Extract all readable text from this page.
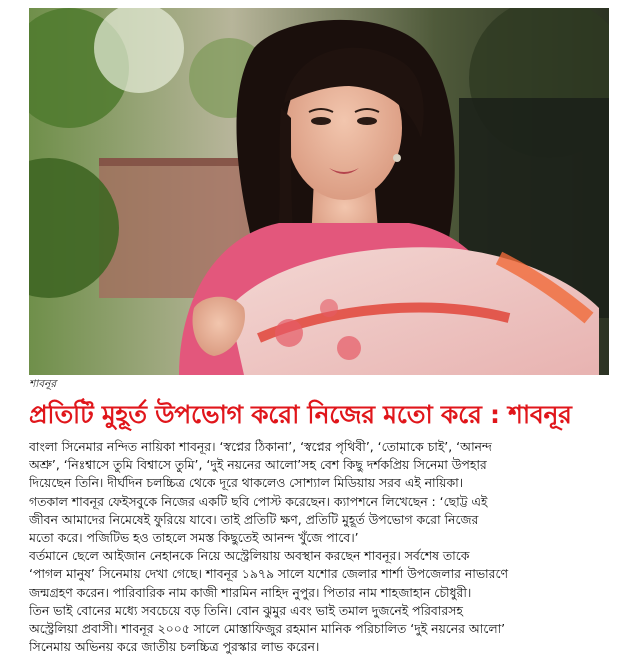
শাবনূর
প্রতিটি মুহূর্ত উপভোগ করো নিজের মতো করে : শাবনূর

বাংলা সিনেমার নন্দিত নায়িকা শাবনূর। ‘স্বপ্নের ঠিকানা’, ‘স্বপ্নের পৃথিবী’, ‘তোমাকে চাই’, ‘আনন্দ
অশ্রু’, ‘নিঃশ্বাসে তুমি বিশ্বাসে তুমি’, ‘দুই নয়নের আলো’সহ বেশ কিছু দর্শকপ্রিয় সিনেমা উপহার
দিয়েছেন তিনি। দীর্ঘদিন চলচ্চিত্র থেকে দূরে থাকলেও সোশ্যাল মিডিয়ায় সরব এই নায়িকা।
গতকাল শাবনূর ফেইসবুকে নিজের একটি ছবি পোস্ট করেছেন। ক্যাপশনে লিখেছেন : ‘ছোট্ট এই
জীবন আমাদের নিমেষেই ফুরিয়ে যাবে। তাই প্রতিটি ক্ষণ, প্রতিটি মুহূর্ত উপভোগ করো নিজের
মতো করে। পজিটিভ হও তাহলে সমস্ত কিছুতেই আনন্দ খুঁজে পাবে।’
বর্তমানে ছেলে আইজান নেহানকে নিয়ে অস্ট্রেলিয়ায় অবস্থান করছেন শাবনূর। সর্বশেষ তাকে
‘পাগল মানুষ’ সিনেমায় দেখা গেছে। শাবনূর ১৯৭৯ সালে যশোর জেলার শার্শা উপজেলার নাভারণে
জন্মগ্রহণ করেন। পারিবারিক নাম কাজী শারমিন নাহিদ নুপুর। পিতার নাম শাহজাহান চৌধুরী।
তিন ভাই বোনের মধ্যে সবচেয়ে বড় তিনি। বোন ঝুমুর এবং ভাই তমাল দুজনেই পরিবারসহ
অস্ট্রেলিয়া প্রবাসী। শাবনূর ২০০৫ সালে মোস্তাফিজুর রহমান মানিক পরিচালিত ‘দুই নয়নের আলো’
সিনেমায় অভিনয় করে জাতীয় চলচ্চিত্র পুরস্কার লাভ করেন।
